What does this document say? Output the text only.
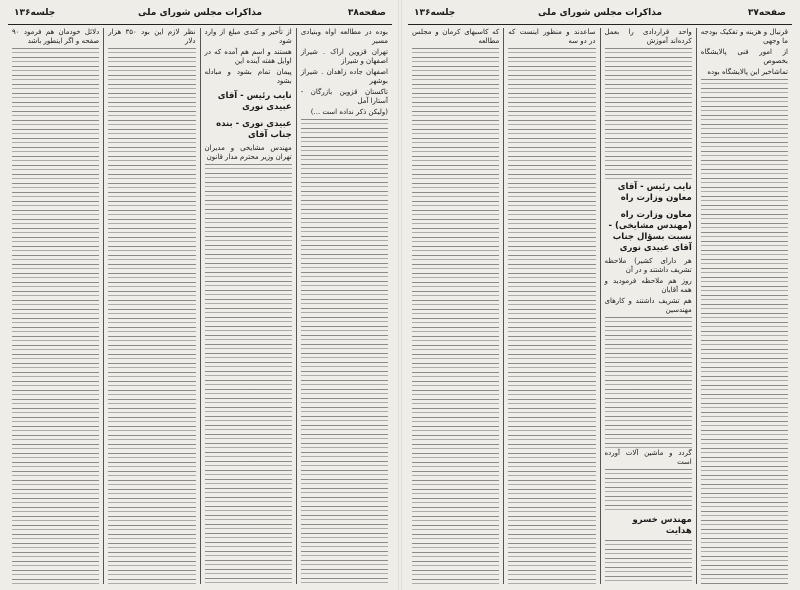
صفحه۳۸
مذاکرات مجلس شورای ملی
جلسه۱۳۶

بوده در مطالعه اواه وبنیادی مسیر

تهران قزوین اراک . شیراز اصفهان و شیراز

اصفهان جاده زاهدان . شیراز بوشهر

تاکستان قزوین بازرگان - آستارا آمل

(ولیکن ذکر نداده است ...)

از تأخیر و کندی مبلغ از وارد شود

هستند و اسم هم آمده که در اوایل هفته آینده این

پیمان تمام بشود و مبادله بشود

نایب رئیس - آقای عبیدی نوری
عبیدی نوری - بنده جناب آقای

مهندس مشایخی و مدیران تهران وزیر محترم مدار قانون

نظر لازم این بود ۳۵۰ هزار دلار

دلائل خودمان هم فرمود ۹۰ صفحه و اگر اینطور باشد

صفحه۳۷
مذاکرات مجلس شورای ملی
جلسه۱۳۶

قرنیال و هزینه و تفکیک بودجه ما وجهی

از امور فنی پالایشگاه بخصوص

تماشاخیر این پالایشگاه بوده

واحد قراردادی را بعمل کرده‌اند آموزش

نایب رئیس - آقای معاون وزارت راه
معاون وزارت راه (مهندس مشایخی) - نسبت بسؤال جناب آقای عبیدی نوری

هر دارای کشیر) ملاحظه تشریف داشتند و در آن

روز هم ملاحظه فرمودید و همه آقایان

هم تشریف داشتند و کارهای مهندسین

گردد و ماشین آلات آورده است

مهندس خسرو هدایت

ساعدند و منظور اینست که در دو سه

که کاسبهای کرمان و مجلس مطالعه
